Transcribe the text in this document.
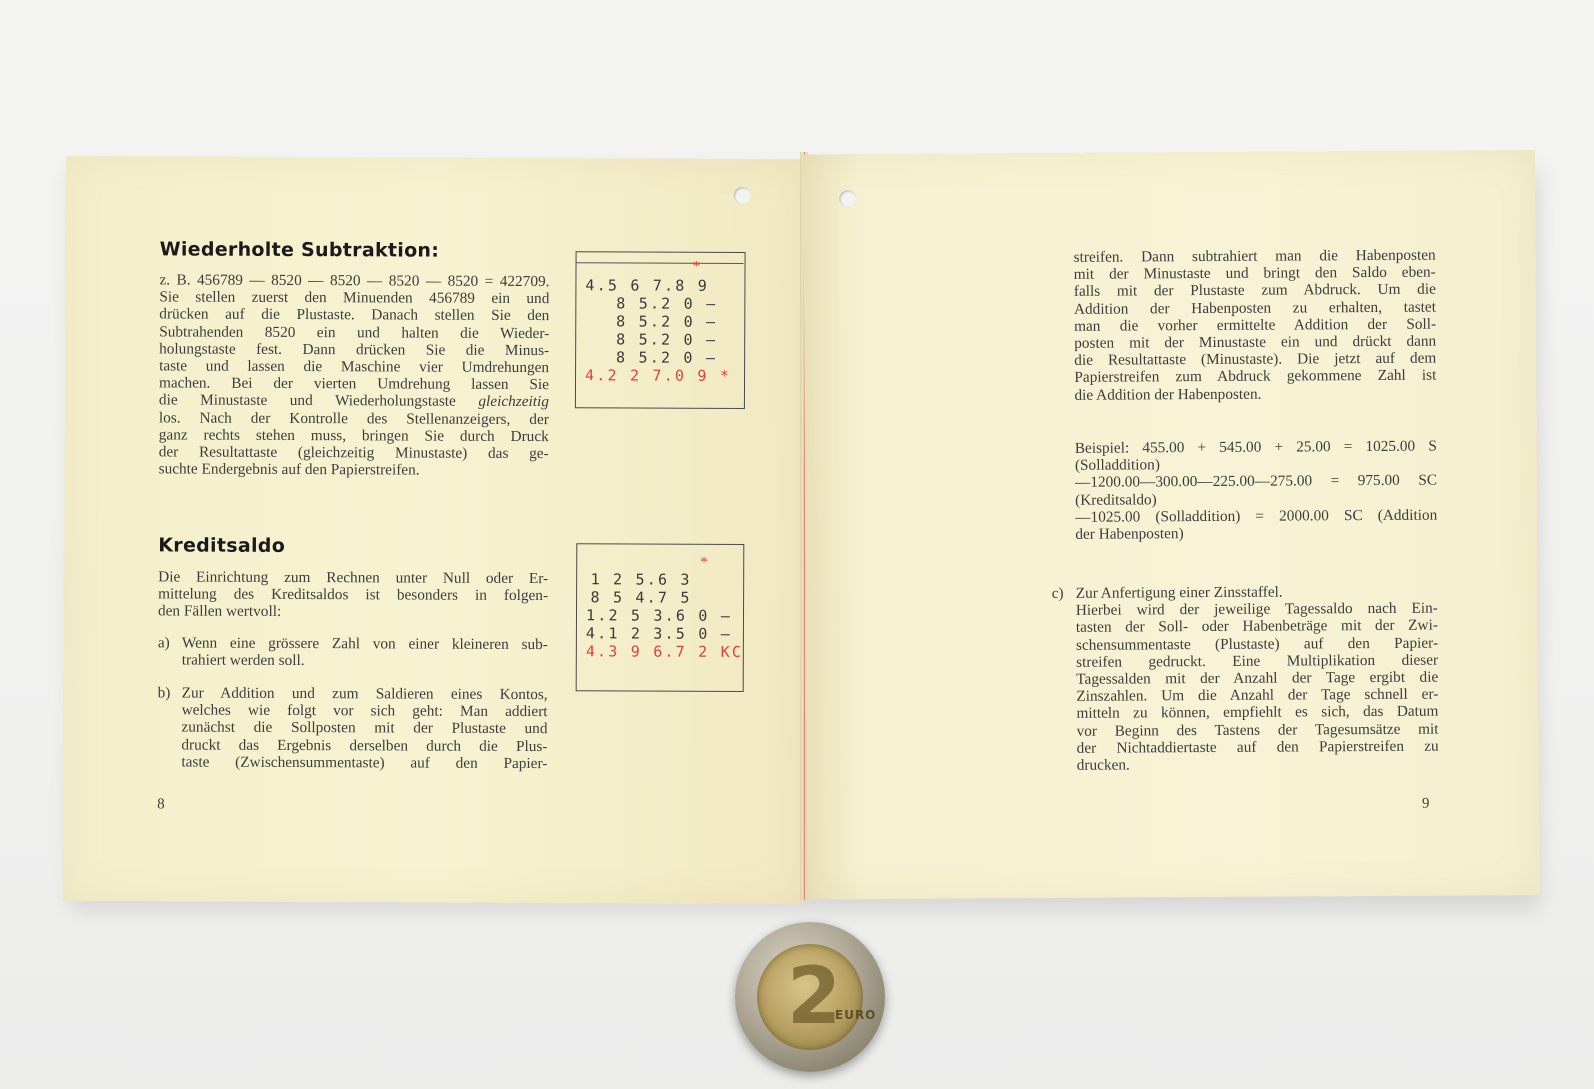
Wiederholte Subtraktion:
z. B. 456789 — 8520 — 8520 — 8520 — 8520 = 422709.
Sie stellen zuerst den Minuenden 456789 ein und
drücken auf die Plustaste. Danach stellen Sie den
Subtrahenden 8520 ein und halten die Wieder-
holungstaste fest. Dann drücken Sie die Minus-
taste und lassen die Maschine vier Umdrehungen
machen. Bei der vierten Umdrehung lassen Sie
die Minustaste und Wiederholungstaste gleichzeitig
los. Nach der Kontrolle des Stellenanzeigers, der
ganz rechts stehen muss, bringen Sie durch Druck
der Resultattaste (gleichzeitig Minustaste) das ge-
suchte Endergebnis auf den Papierstreifen.
*
4.5 6 7.8 9
8 5.2 0 –
8 5.2 0 –
8 5.2 0 –
8 5.2 0 –
4.2 2 7.0 9 *
Kreditsaldo
Die Einrichtung zum Rechnen unter Null oder Er-
mittelung des Kreditsaldos ist besonders in folgen-
den Fällen wertvoll:
a) Wenn eine grössere Zahl von einer kleineren sub-
trahiert werden soll.
b) Zur Addition und zum Saldieren eines Kontos,
welches wie folgt vor sich geht: Man addiert
zunächst die Sollposten mit der Plustaste und
druckt das Ergebnis derselben durch die Plus-
taste (Zwischensummentaste) auf den Papier-
*
1 2 5.6 3
8 5 4.7 5
1.2 5 3.6 0 –
4.1 2 3.5 0 –
4.3 9 6.7 2 KC
8
streifen. Dann subtrahiert man die Habenposten
mit der Minustaste und bringt den Saldo eben-
falls mit der Plustaste zum Abdruck. Um die
Addition der Habenposten zu erhalten, tastet
man die vorher ermittelte Addition der Soll-
posten mit der Minustaste ein und drückt dann
die Resultattaste (Minustaste). Die jetzt auf dem
Papierstreifen zum Abdruck gekommene Zahl ist
die Addition der Habenposten.
Beispiel: 455.00 + 545.00 + 25.00 = 1025.00 S
(Solladdition)
—1200.00—300.00—225.00—275.00 = 975.00 SC
(Kreditsaldo)
—1025.00 (Solladdition) = 2000.00 SC (Addition
der Habenposten)
c) Zur Anfertigung einer Zinsstaffel.
Hierbei wird der jeweilige Tagessaldo nach Ein-
tasten der Soll- oder Habenbeträge mit der Zwi-
schensummentaste (Plustaste) auf den Papier-
streifen gedruckt. Eine Multiplikation dieser
Tagessalden mit der Anzahl der Tage ergibt die
Zinszahlen. Um die Anzahl der Tage schnell er-
mitteln zu können, empfiehlt es sich, das Datum
vor Beginn des Tastens der Tagesumsätze mit
der Nichtaddiertaste auf den Papierstreifen zu
drucken.
9
2
EURO
